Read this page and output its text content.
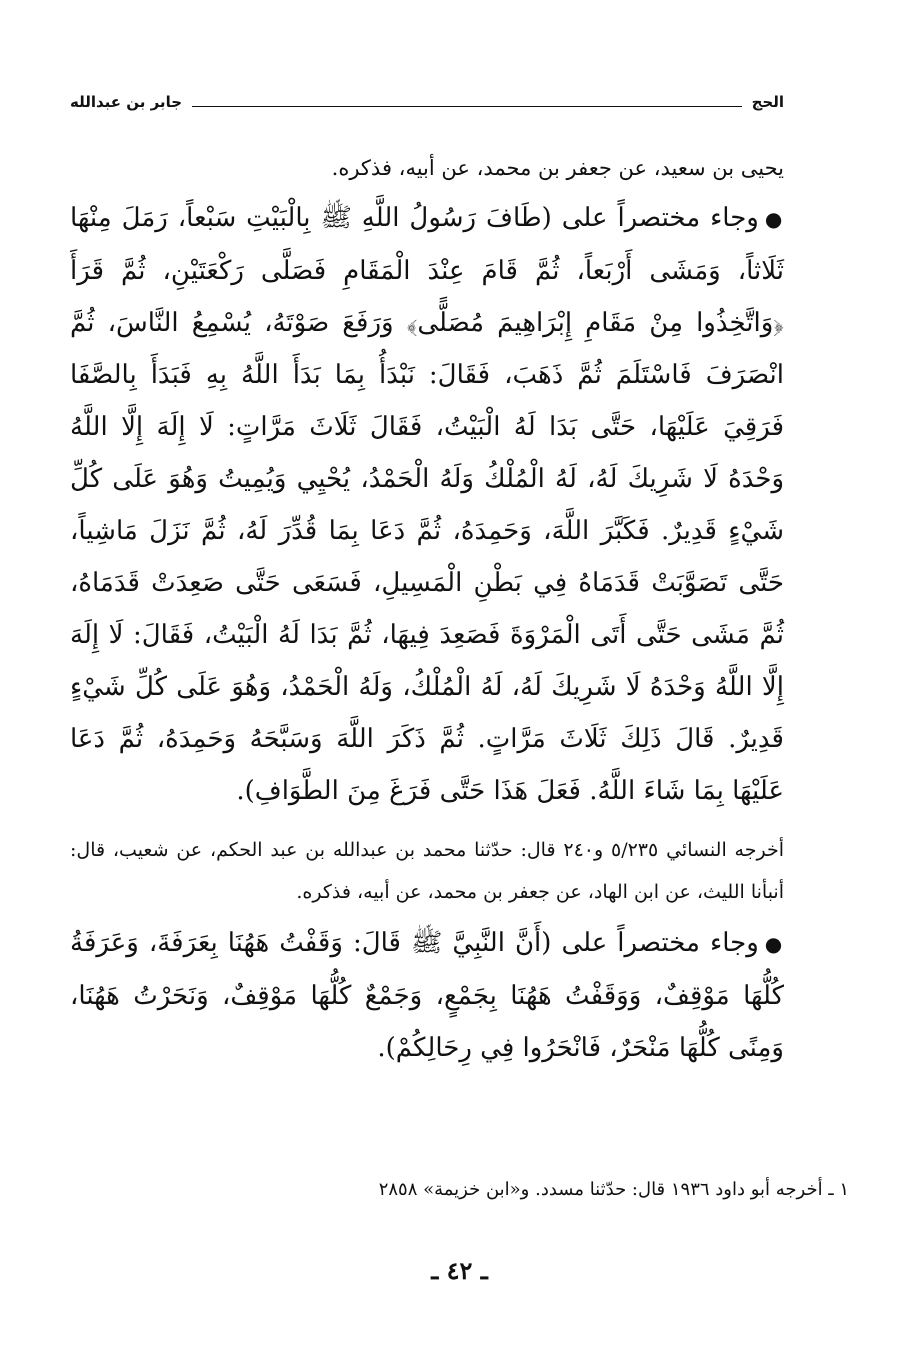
الحج
جابر بن عبدالله

يحيى بن سعيد، عن جعفر بن محمد، عن أبيه، فذكره.

●وجاء مختصراً على (طَافَ رَسُولُ اللَّهِ ﷺ بِالْبَيْتِ سَبْعاً، رَمَلَ مِنْهَا ثَلَاثاً، وَمَشَى أَرْبَعاً، ثُمَّ قَامَ عِنْدَ الْمَقَامِ فَصَلَّى رَكْعَتَيْنِ، ثُمَّ قَرَأَ ﴿وَاتَّخِذُوا مِنْ مَقَامِ إِبْرَاهِيمَ مُصَلًّى﴾ وَرَفَعَ صَوْتَهُ، يُسْمِعُ النَّاسَ، ثُمَّ انْصَرَفَ فَاسْتَلَمَ ثُمَّ ذَهَبَ، فَقَالَ: نَبْدَأُ بِمَا بَدَأَ اللَّهُ بِهِ فَبَدَأَ بِالصَّفَا فَرَقِيَ عَلَيْهَا، حَتَّى بَدَا لَهُ الْبَيْتُ، فَقَالَ ثَلَاثَ مَرَّاتٍ: لَا إِلَهَ إِلَّا اللَّهُ وَحْدَهُ لَا شَرِيكَ لَهُ، لَهُ الْمُلْكُ وَلَهُ الْحَمْدُ، يُحْيِي وَيُمِيتُ وَهُوَ عَلَى كُلِّ شَيْءٍ قَدِيرٌ. فَكَبَّرَ اللَّهَ، وَحَمِدَهُ، ثُمَّ دَعَا بِمَا قُدِّرَ لَهُ، ثُمَّ نَزَلَ مَاشِياً، حَتَّى تَصَوَّبَتْ قَدَمَاهُ فِي بَطْنِ الْمَسِيلِ، فَسَعَى حَتَّى صَعِدَتْ قَدَمَاهُ، ثُمَّ مَشَى حَتَّى أَتَى الْمَرْوَةَ فَصَعِدَ فِيهَا، ثُمَّ بَدَا لَهُ الْبَيْتُ، فَقَالَ: لَا إِلَهَ إِلَّا اللَّهُ وَحْدَهُ لَا شَرِيكَ لَهُ، لَهُ الْمُلْكُ، وَلَهُ الْحَمْدُ، وَهُوَ عَلَى كُلِّ شَيْءٍ قَدِيرٌ. قَالَ ذَلِكَ ثَلَاثَ مَرَّاتٍ. ثُمَّ ذَكَرَ اللَّهَ وَسَبَّحَهُ وَحَمِدَهُ، ثُمَّ دَعَا عَلَيْهَا بِمَا شَاءَ اللَّهُ. فَعَلَ هَذَا حَتَّى فَرَغَ مِنَ الطَّوَافِ).

أخرجه النسائي ٥/٢٣٥ و٢٤٠ قال: حدّثنا محمد بن عبدالله بن عبد الحكم، عن شعيب، قال: أنبأنا الليث، عن ابن الهاد، عن جعفر بن محمد، عن أبيه، فذكره.

●وجاء مختصراً على (أَنَّ النَّبِيَّ ﷺ قَالَ: وَقَفْتُ هَهُنَا بِعَرَفَةَ، وَعَرَفَةُ كُلُّهَا مَوْقِفٌ، وَوَقَفْتُ هَهُنَا بِجَمْعٍ، وَجَمْعٌ كُلُّهَا مَوْقِفٌ، وَنَحَرْتُ هَهُنَا، وَمِنًى كُلُّهَا مَنْحَرٌ، فَانْحَرُوا فِي رِحَالِكُمْ).

١ ـ أخرجه أبو داود ١٩٣٦ قال: حدّثنا مسدد. و«ابن خزيمة» ٢٨٥٨
ـ ٤٢ ـ
